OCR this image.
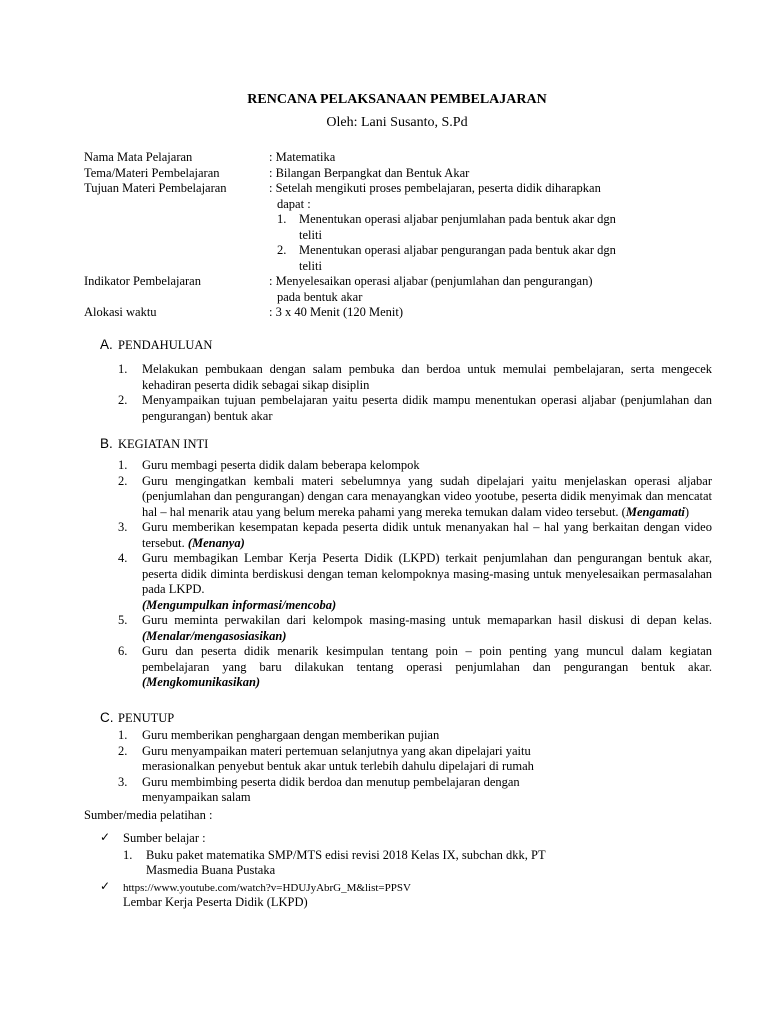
RENCANA PELAKSANAAN PEMBELAJARAN
Oleh: Lani Susanto, S.Pd
Nama Mata Pelajaran	: Matematika
Tema/Materi Pembelajaran	: Bilangan Berpangkat dan Bentuk Akar
Tujuan Materi Pembelajaran	: Setelah mengikuti proses pembelajaran, peserta didik diharapkan
dapat :
1. Menentukan operasi aljabar penjumlahan pada bentuk akar dgn
teliti
2. Menentukan operasi aljabar pengurangan pada bentuk akar dgn
teliti
Indikator Pembelajaran	: Menyelesaikan operasi aljabar (penjumlahan dan pengurangan)
pada bentuk akar
Alokasi waktu	: 3 x 40 Menit (120 Menit)
A. PENDAHULUAN
1. Melakukan pembukaan dengan salam pembuka dan berdoa untuk memulai pembelajaran, serta mengecek kehadiran peserta didik sebagai sikap disiplin
2. Menyampaikan tujuan pembelajaran yaitu peserta didik mampu menentukan operasi aljabar (penjumlahan dan pengurangan) bentuk akar
B. KEGIATAN INTI
1. Guru membagi peserta didik dalam beberapa kelompok
2. Guru mengingatkan kembali materi sebelumnya yang sudah dipelajari yaitu menjelaskan operasi aljabar (penjumlahan dan pengurangan) dengan cara menayangkan video yootube, peserta didik menyimak dan mencatat hal – hal menarik atau yang belum mereka pahami yang mereka temukan dalam video tersebut. (Mengamati)
3. Guru memberikan kesempatan kepada peserta didik untuk menanyakan hal – hal yang berkaitan dengan video tersebut. (Menanya)
4. Guru membagikan Lembar Kerja Peserta Didik (LKPD) terkait penjumlahan dan pengurangan bentuk akar, peserta didik diminta berdiskusi dengan teman kelompoknya masing-masing untuk menyelesaikan permasalahan pada LKPD.
(Mengumpulkan informasi/mencoba)
5. Guru meminta perwakilan dari kelompok masing-masing untuk memaparkan hasil diskusi di depan kelas. (Menalar/mengasosiasikan)
6. Guru dan peserta didik menarik kesimpulan tentang poin – poin penting yang muncul dalam kegiatan pembelajaran yang baru dilakukan tentang operasi penjumlahan dan pengurangan bentuk akar. (Mengkomunikasikan)
C. PENUTUP
1. Guru memberikan penghargaan dengan memberikan pujian
2. Guru menyampaikan materi pertemuan selanjutnya yang akan dipelajari yaitu merasionalkan penyebut bentuk akar untuk terlebih dahulu dipelajari di rumah
3. Guru membimbing peserta didik berdoa dan menutup pembelajaran dengan menyampaikan salam
Sumber/media pelatihan :
✓ Sumber belajar :
1. Buku paket matematika SMP/MTS edisi revisi 2018 Kelas IX, subchan dkk, PT
Masmedia Buana Pustaka
✓ https://www.youtube.com/watch?v=HDUJyAbrG_M&list=PPSV
Lembar Kerja Peserta Didik (LKPD)
